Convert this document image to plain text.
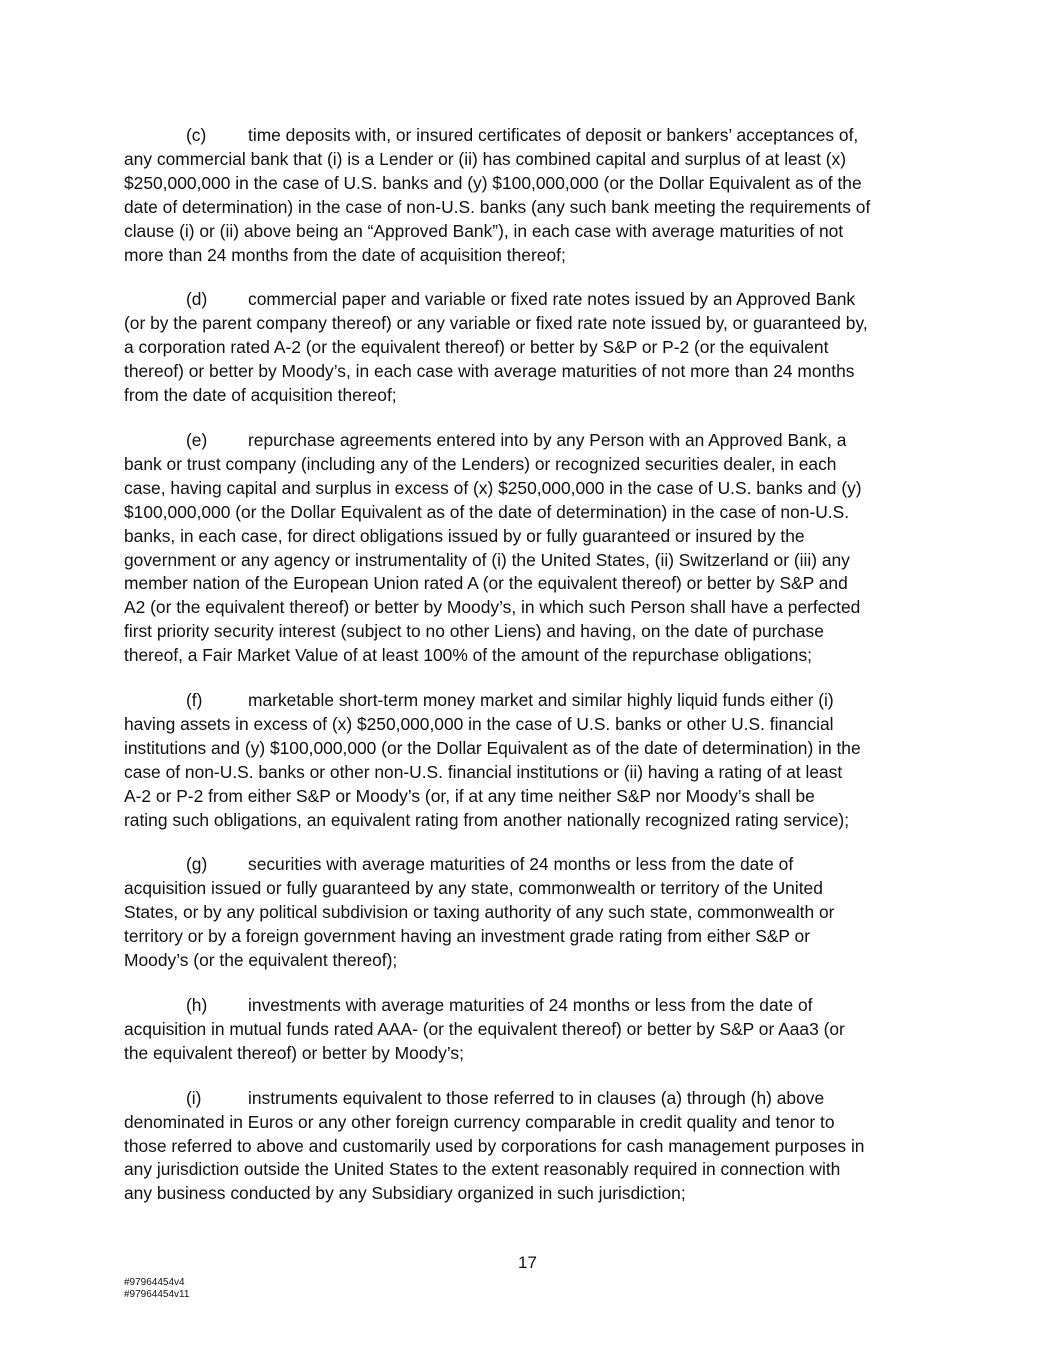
(c) time deposits with, or insured certificates of deposit or bankers’ acceptances of,
any commercial bank that (i) is a Lender or (ii) has combined capital and surplus of at least (x)
$250,000,000 in the case of U.S. banks and (y) $100,000,000 (or the Dollar Equivalent as of the
date of determination) in the case of non-U.S. banks (any such bank meeting the requirements of
clause (i) or (ii) above being an “Approved Bank”), in each case with average maturities of not
more than 24 months from the date of acquisition thereof;

(d) commercial paper and variable or fixed rate notes issued by an Approved Bank
(or by the parent company thereof) or any variable or fixed rate note issued by, or guaranteed by,
a corporation rated A-2 (or the equivalent thereof) or better by S&P or P-2 (or the equivalent
thereof) or better by Moody’s, in each case with average maturities of not more than 24 months
from the date of acquisition thereof;

(e) repurchase agreements entered into by any Person with an Approved Bank, a
bank or trust company (including any of the Lenders) or recognized securities dealer, in each
case, having capital and surplus in excess of (x) $250,000,000 in the case of U.S. banks and (y)
$100,000,000 (or the Dollar Equivalent as of the date of determination) in the case of non-U.S.
banks, in each case, for direct obligations issued by or fully guaranteed or insured by the
government or any agency or instrumentality of (i) the United States, (ii) Switzerland or (iii) any
member nation of the European Union rated A (or the equivalent thereof) or better by S&P and
A2 (or the equivalent thereof) or better by Moody’s, in which such Person shall have a perfected
first priority security interest (subject to no other Liens) and having, on the date of purchase
thereof, a Fair Market Value of at least 100% of the amount of the repurchase obligations;

(f)	marketable short-term money market and similar highly liquid funds either (i)
having assets in excess of (x) $250,000,000 in the case of U.S. banks or other U.S. financial
institutions and (y) $100,000,000 (or the Dollar Equivalent as of the date of determination) in the
case of non-U.S. banks or other non-U.S. financial institutions or (ii) having a rating of at least
A-2 or P-2 from either S&P or Moody’s (or, if at any time neither S&P nor Moody’s shall be
rating such obligations, an equivalent rating from another nationally recognized rating service);

(g) securities with average maturities of 24 months or less from the date of
acquisition issued or fully guaranteed by any state, commonwealth or territory of the United
States, or by any political subdivision or taxing authority of any such state, commonwealth or
territory or by a foreign government having an investment grade rating from either S&P or
Moody’s (or the equivalent thereof);

(h) investments with average maturities of 24 months or less from the date of
acquisition in mutual funds rated AAA- (or the equivalent thereof) or better by S&P or Aaa3 (or
the equivalent thereof) or better by Moody’s;

(i)	instruments equivalent to those referred to in clauses (a) through (h) above
denominated in Euros or any other foreign currency comparable in credit quality and tenor to
those referred to above and customarily used by corporations for cash management purposes in
any jurisdiction outside the United States to the extent reasonably required in connection with
any business conducted by any Subsidiary organized in such jurisdiction;

17
#97964454v4
#97964454v11
